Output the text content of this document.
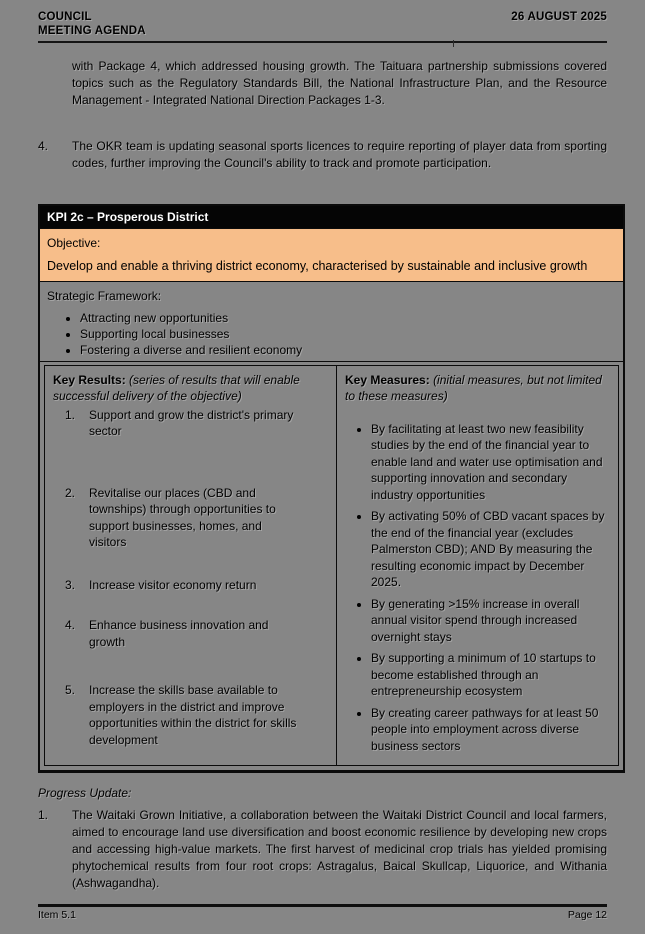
COUNCIL
MEETING AGENDA
26 AUGUST 2025

with Package 4, which addressed housing growth. The Taituara partnership submissions covered topics such as the Regulatory Standards Bill, the National Infrastructure Plan, and the Resource Management - Integrated National Direction Packages 1-3.

4.	The OKR team is updating seasonal sports licences to require reporting of player data from sporting codes, further improving the Council's ability to track and promote participation.

KPI 2c – Prosperous District
Objective:
Develop and enable a thriving district economy, characterised by sustainable and inclusive growth
Strategic Framework:
• Attracting new opportunities
• Supporting local businesses
• Fostering a diverse and resilient economy

Key Results: (series of results that will enable successful delivery of the objective)

1.	Support and grow the district's primary sector
2.	Revitalise our places (CBD and townships) through opportunities to support businesses, homes, and visitors
3.	Increase visitor economy return
4.	Enhance business innovation and growth
5.	Increase the skills base available to employers in the district and improve opportunities within the district for skills development

Key Measures: (initial measures, but not limited to these measures)

• By facilitating at least two new feasibility studies by the end of the financial year to enable land and water use optimisation and supporting innovation and secondary industry opportunities
• By activating 50% of CBD vacant spaces by the end of the financial year (excludes Palmerston CBD); AND By measuring the resulting economic impact by December 2025.
• By generating >15% increase in overall annual visitor spend through increased overnight stays
• By supporting a minimum of 10 startups to become established through an entrepreneurship ecosystem
• By creating career pathways for at least 50 people into employment across diverse business sectors
Progress Update:
1.	The Waitaki Grown Initiative, a collaboration between the Waitaki District Council and local farmers, aimed to encourage land use diversification and boost economic resilience by developing new crops and accessing high-value markets. The first harvest of medicinal crop trials has yielded promising phytochemical results from four root crops: Astragalus, Baical Skullcap, Liquorice, and Withania (Ashwagandha).

Item 5.1	Page 12
